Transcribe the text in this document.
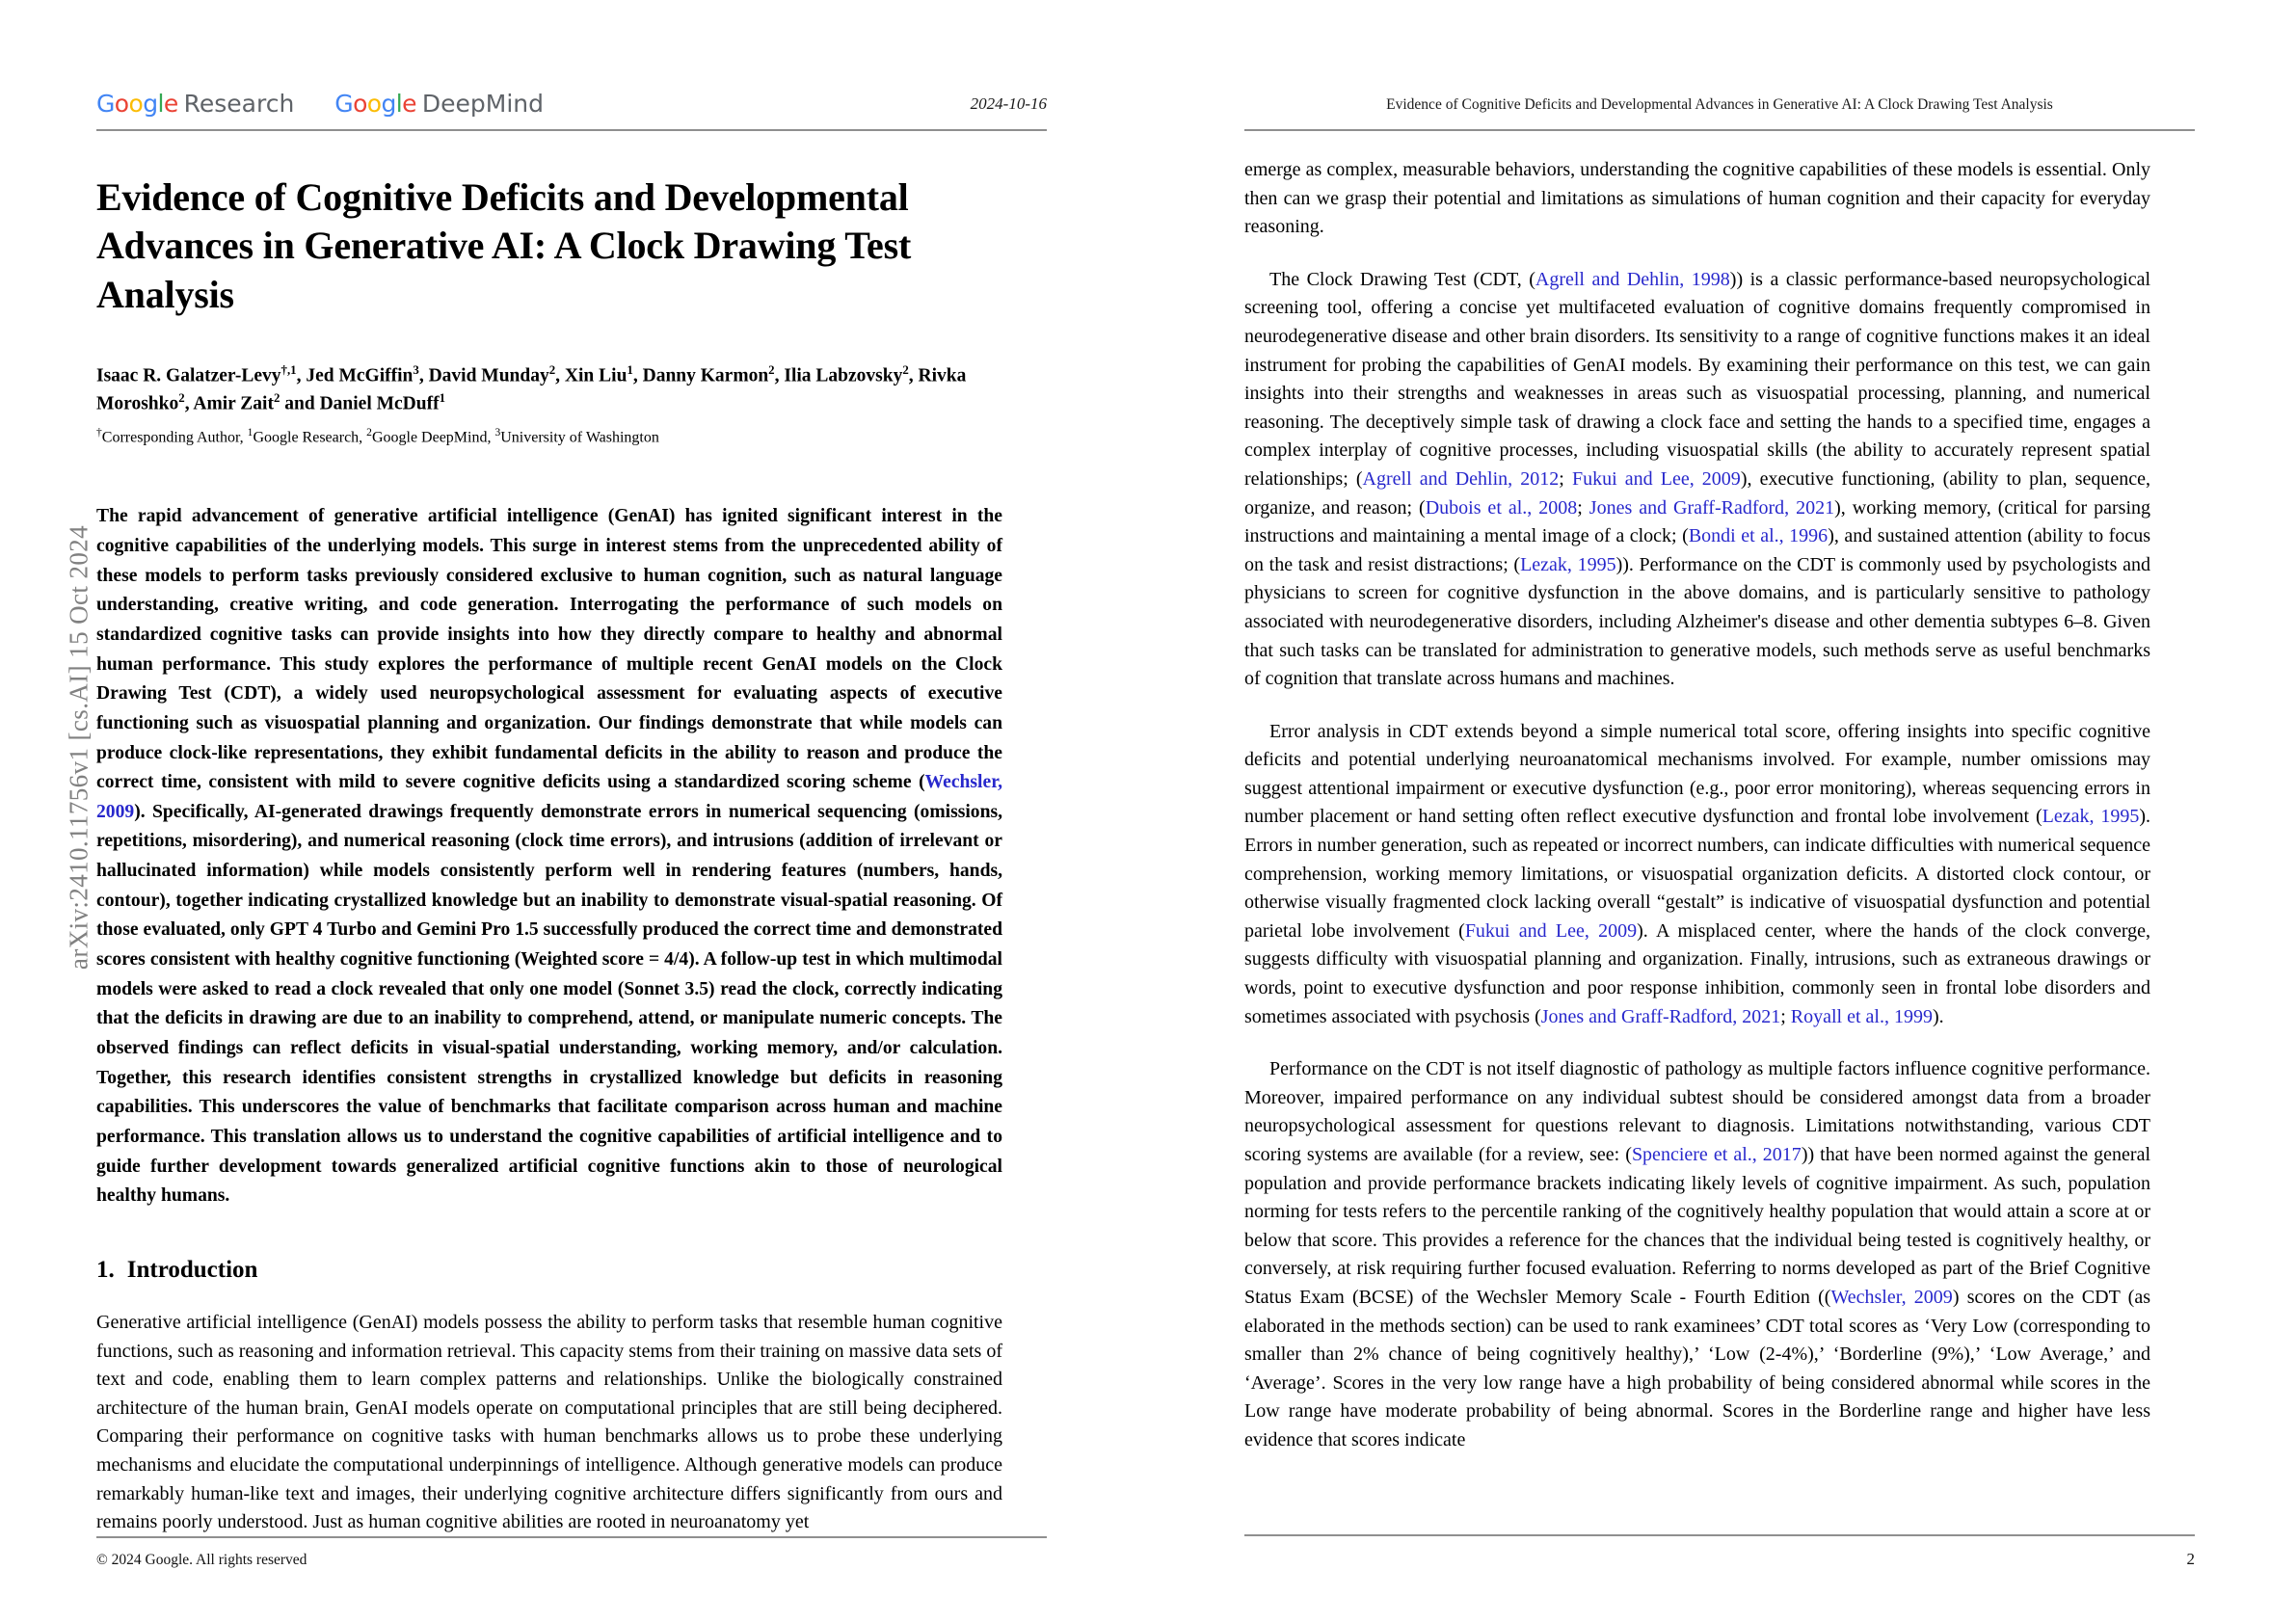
arXiv:2410.11756v1 [cs.AI] 15 Oct 2024
Google Research Google DeepMind	2024-10-16
Evidence of Cognitive Deficits and Developmental Advances in Generative AI: A Clock Drawing Test Analysis
Isaac R. Galatzer-Levy$^{\dagger,1}$, Jed McGiffin$^3$, David Munday$^2$, Xin Liu$^1$, Danny Karmon$^2$, Ilia Labzovsky$^2$, Rivka Moroshko$^2$, Amir Zait$^2$ and Daniel McDuff$^1$
†Corresponding Author, $^1$Google Research, $^2$Google DeepMind, $^3$University of Washington
The rapid advancement of generative artificial intelligence (GenAI) has ignited significant interest in the cognitive capabilities of the underlying models. This surge in interest stems from the unprecedented ability of these models to perform tasks previously considered exclusive to human cognition, such as natural language understanding, creative writing, and code generation. Interrogating the performance of such models on standardized cognitive tasks can provide insights into how they directly compare to healthy and abnormal human performance. This study explores the performance of multiple recent GenAI models on the Clock Drawing Test (CDT), a widely used neuropsychological assessment for evaluating aspects of executive functioning such as visuospatial planning and organization. Our findings demonstrate that while models can produce clock-like representations, they exhibit fundamental deficits in the ability to reason and produce the correct time, consistent with mild to severe cognitive deficits using a standardized scoring scheme (Wechsler, 2009). Specifically, AI-generated drawings frequently demonstrate errors in numerical sequencing (omissions, repetitions, misordering), and numerical reasoning (clock time errors), and intrusions (addition of irrelevant or hallucinated information) while models consistently perform well in rendering features (numbers, hands, contour), together indicating crystallized knowledge but an inability to demonstrate visual-spatial reasoning. Of those evaluated, only GPT 4 Turbo and Gemini Pro 1.5 successfully produced the correct time and demonstrated scores consistent with healthy cognitive functioning (Weighted score = 4/4). A follow-up test in which multimodal models were asked to read a clock revealed that only one model (Sonnet 3.5) read the clock, correctly indicating that the deficits in drawing are due to an inability to comprehend, attend, or manipulate numeric concepts. The observed findings can reflect deficits in visual-spatial understanding, working memory, and/or calculation. Together, this research identifies consistent strengths in crystallized knowledge but deficits in reasoning capabilities. This underscores the value of benchmarks that facilitate comparison across human and machine performance. This translation allows us to understand the cognitive capabilities of artificial intelligence and to guide further development towards generalized artificial cognitive functions akin to those of neurological healthy humans.
1. Introduction

Generative artificial intelligence (GenAI) models possess the ability to perform tasks that resemble human cognitive functions, such as reasoning and information retrieval. This capacity stems from their training on massive data sets of text and code, enabling them to learn complex patterns and relationships. Unlike the biologically constrained architecture of the human brain, GenAI models operate on computational principles that are still being deciphered. Comparing their performance on cognitive tasks with human benchmarks allows us to probe these underlying mechanisms and elucidate the computational underpinnings of intelligence. Although generative models can produce remarkably human-like text and images, their underlying cognitive architecture differs significantly from ours and remains poorly understood. Just as human cognitive abilities are rooted in neuroanatomy yet

© 2024 Google. All rights reserved
Evidence of Cognitive Deficits and Developmental Advances in Generative AI: A Clock Drawing Test Analysis

emerge as complex, measurable behaviors, understanding the cognitive capabilities of these models is essential. Only then can we grasp their potential and limitations as simulations of human cognition and their capacity for everyday reasoning.

The Clock Drawing Test (CDT, (Agrell and Dehlin, 1998)) is a classic performance-based neuropsychological screening tool, offering a concise yet multifaceted evaluation of cognitive domains frequently compromised in neurodegenerative disease and other brain disorders. Its sensitivity to a range of cognitive functions makes it an ideal instrument for probing the capabilities of GenAI models. By examining their performance on this test, we can gain insights into their strengths and weaknesses in areas such as visuospatial processing, planning, and numerical reasoning. The deceptively simple task of drawing a clock face and setting the hands to a specified time, engages a complex interplay of cognitive processes, including visuospatial skills (the ability to accurately represent spatial relationships; (Agrell and Dehlin, 2012; Fukui and Lee, 2009), executive functioning, (ability to plan, sequence, organize, and reason; (Dubois et al., 2008; Jones and Graff-Radford, 2021), working memory, (critical for parsing instructions and maintaining a mental image of a clock; (Bondi et al., 1996), and sustained attention (ability to focus on the task and resist distractions; (Lezak, 1995)). Performance on the CDT is commonly used by psychologists and physicians to screen for cognitive dysfunction in the above domains, and is particularly sensitive to pathology associated with neurodegenerative disorders, including Alzheimer's disease and other dementia subtypes 6–8. Given that such tasks can be translated for administration to generative models, such methods serve as useful benchmarks of cognition that translate across humans and machines.

Error analysis in CDT extends beyond a simple numerical total score, offering insights into specific cognitive deficits and potential underlying neuroanatomical mechanisms involved. For example, number omissions may suggest attentional impairment or executive dysfunction (e.g., poor error monitoring), whereas sequencing errors in number placement or hand setting often reflect executive dysfunction and frontal lobe involvement (Lezak, 1995). Errors in number generation, such as repeated or incorrect numbers, can indicate difficulties with numerical sequence comprehension, working memory limitations, or visuospatial organization deficits. A distorted clock contour, or otherwise visually fragmented clock lacking overall “gestalt” is indicative of visuospatial dysfunction and potential parietal lobe involvement (Fukui and Lee, 2009). A misplaced center, where the hands of the clock converge, suggests difficulty with visuospatial planning and organization. Finally, intrusions, such as extraneous drawings or words, point to executive dysfunction and poor response inhibition, commonly seen in frontal lobe disorders and sometimes associated with psychosis (Jones and Graff-Radford, 2021; Royall et al., 1999).

Performance on the CDT is not itself diagnostic of pathology as multiple factors influence cognitive performance. Moreover, impaired performance on any individual subtest should be considered amongst data from a broader neuropsychological assessment for questions relevant to diagnosis. Limitations notwithstanding, various CDT scoring systems are available (for a review, see: (Spenciere et al., 2017)) that have been normed against the general population and provide performance brackets indicating likely levels of cognitive impairment. As such, population norming for tests refers to the percentile ranking of the cognitively healthy population that would attain a score at or below that score. This provides a reference for the chances that the individual being tested is cognitively healthy, or conversely, at risk requiring further focused evaluation. Referring to norms developed as part of the Brief Cognitive Status Exam (BCSE) of the Wechsler Memory Scale - Fourth Edition ((Wechsler, 2009) scores on the CDT (as elaborated in the methods section) can be used to rank examinees’ CDT total scores as ‘Very Low (corresponding to smaller than 2% chance of being cognitively healthy),’ ‘Low (2-4%),’ ‘Borderline (9%),’ ‘Low Average,’ and ‘Average’. Scores in the very low range have a high probability of being considered abnormal while scores in the Low range have moderate probability of being abnormal. Scores in the Borderline range and higher have less evidence that scores indicate

2
